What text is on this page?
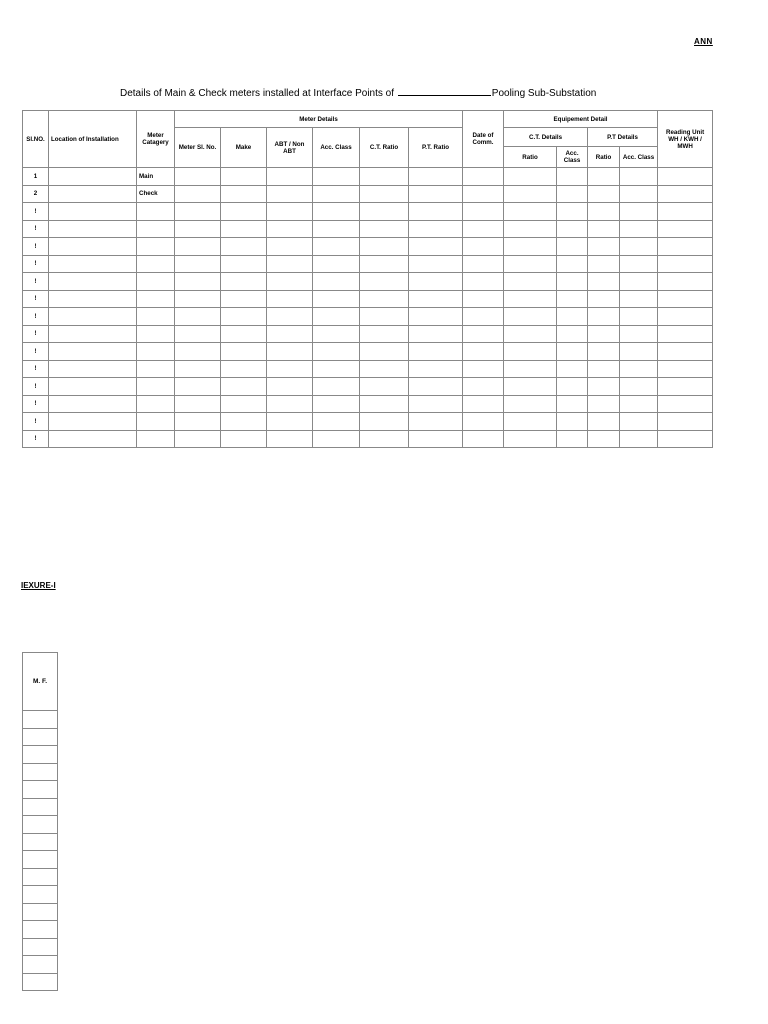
ANN
Details of Main & Check meters installed at Interface Points of	Pooling Sub-Substation
Sl.NO.	Location of Installation	Meter Catagery	Meter Details						Date of Comm.	Equipement Detail				Reading Unit WH / KWH / MWH
			Meter Sl. No.	Make	ABT / Non ABT	Acc. Class	C.T. Ratio	P.T. Ratio		C.T. Details		P.T Details		
										Ratio	Acc. Class	Ratio	Acc. Class	
1		Main												
2		Check												
!														
!														
!														
!														
!														
!														
!														
!														
!														
!														
!														
!														
!														
!														
IEXURE-I
M. F.
